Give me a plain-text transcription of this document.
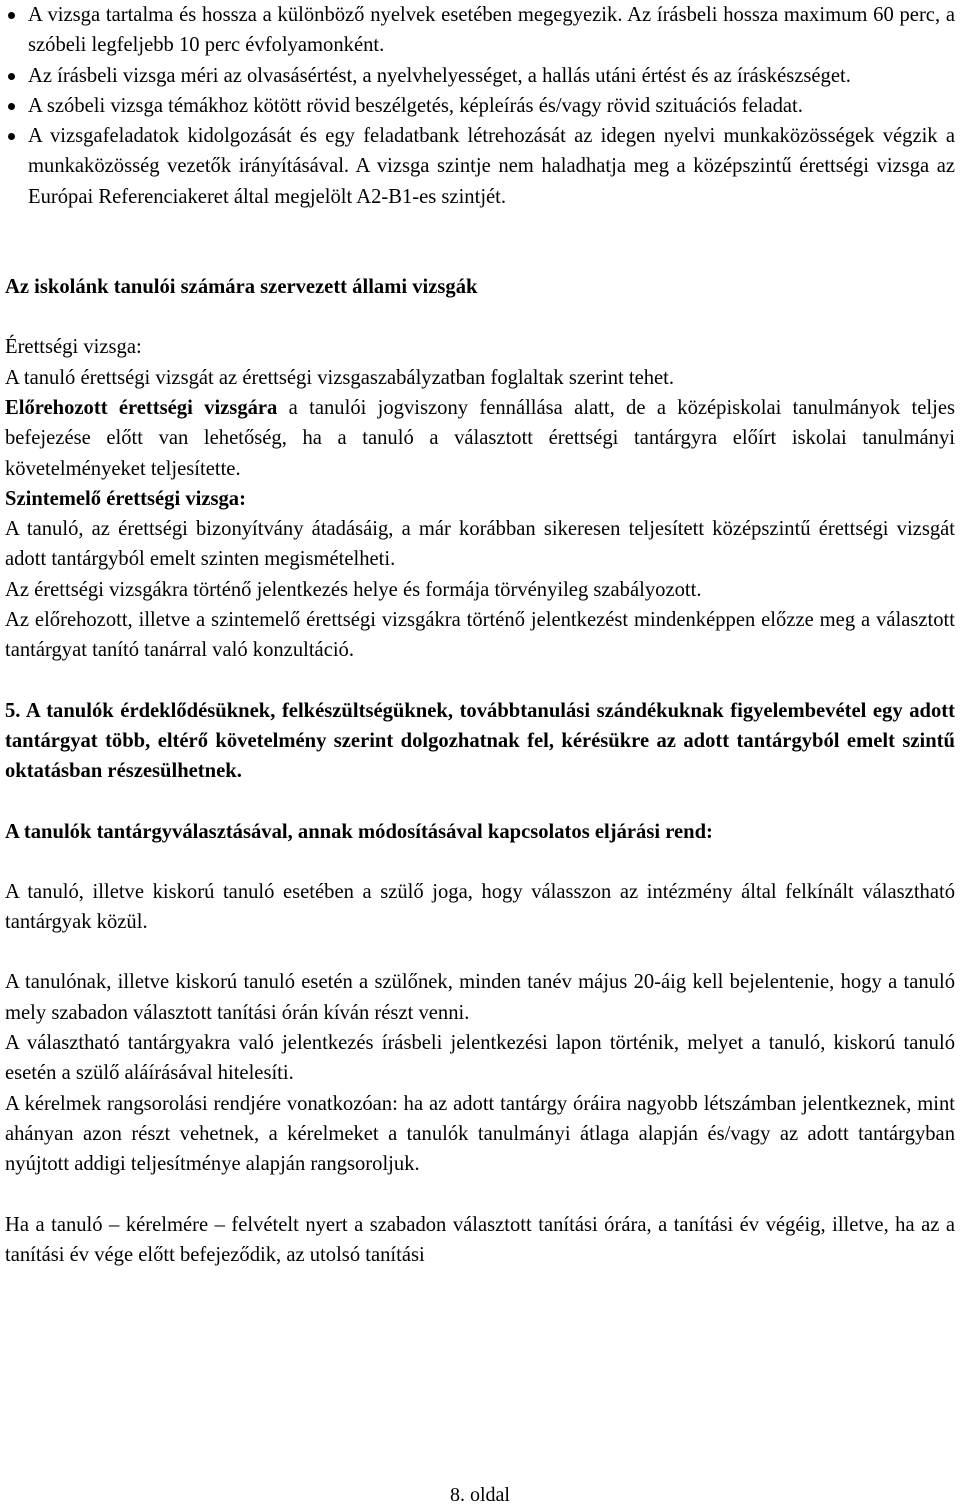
A vizsga tartalma és hossza a különböző nyelvek esetében megegyezik. Az írásbeli hossza maximum 60 perc, a szóbeli legfeljebb 10 perc évfolyamonként.
Az írásbeli vizsga méri az olvasásértést, a nyelvhelyességet, a hallás utáni értést és az íráskészséget.
A szóbeli vizsga témákhoz kötött rövid beszélgetés, képleírás és/vagy rövid szituációs feladat.
A vizsgafeladatok kidolgozását és egy feladatbank létrehozását az idegen nyelvi munkaközösségek végzik a munkaközösség vezetők irányításával. A vizsga szintje nem haladhatja meg a középszintű érettségi vizsga az Európai Referenciakeret által megjelölt A2-B1-es szintjét.

Az iskolánk tanulói számára szervezett állami vizsgák

Érettségi vizsga:

A tanuló érettségi vizsgát az érettségi vizsgaszabályzatban foglaltak szerint tehet.

Előrehozott érettségi vizsgára a tanulói jogviszony fennállása alatt, de a középiskolai tanulmányok teljes befejezése előtt van lehetőség, ha a tanuló a választott érettségi tantárgyra előírt iskolai tanulmányi követelményeket teljesítette.

Szintemelő érettségi vizsga:

A tanuló, az érettségi bizonyítvány átadásáig, a már korábban sikeresen teljesített középszintű érettségi vizsgát adott tantárgyból emelt szinten megismételheti.

Az érettségi vizsgákra történő jelentkezés helye és formája törvényileg szabályozott.

Az előrehozott, illetve a szintemelő érettségi vizsgákra történő jelentkezést mindenképpen előzze meg a választott tantárgyat tanító tanárral való konzultáció.

5. A tanulók érdeklődésüknek, felkészültségüknek, továbbtanulási szándékuknak figyelembevétel egy adott tantárgyat több, eltérő követelmény szerint dolgozhatnak fel, kérésükre az adott tantárgyból emelt szintű oktatásban részesülhetnek.

A tanulók tantárgyválasztásával, annak módosításával kapcsolatos eljárási rend:

A tanuló, illetve kiskorú tanuló esetében a szülő joga, hogy válasszon az intézmény által felkínált választható tantárgyak közül.

A tanulónak, illetve kiskorú tanuló esetén a szülőnek, minden tanév május 20-áig kell bejelentenie, hogy a tanuló mely szabadon választott tanítási órán kíván részt venni.

A választható tantárgyakra való jelentkezés írásbeli jelentkezési lapon történik, melyet a tanuló, kiskorú tanuló esetén a szülő aláírásával hitelesíti.

A kérelmek rangsorolási rendjére vonatkozóan: ha az adott tantárgy óráira nagyobb létszámban jelentkeznek, mint ahányan azon részt vehetnek, a kérelmeket a tanulók tanulmányi átlaga alapján és/vagy az adott tantárgyban nyújtott addigi teljesítménye alapján rangsoroljuk.

Ha a tanuló – kérelmére – felvételt nyert a szabadon választott tanítási órára, a tanítási év végéig, illetve, ha az a tanítási év vége előtt befejeződik, az utolsó tanítási

8. oldal
